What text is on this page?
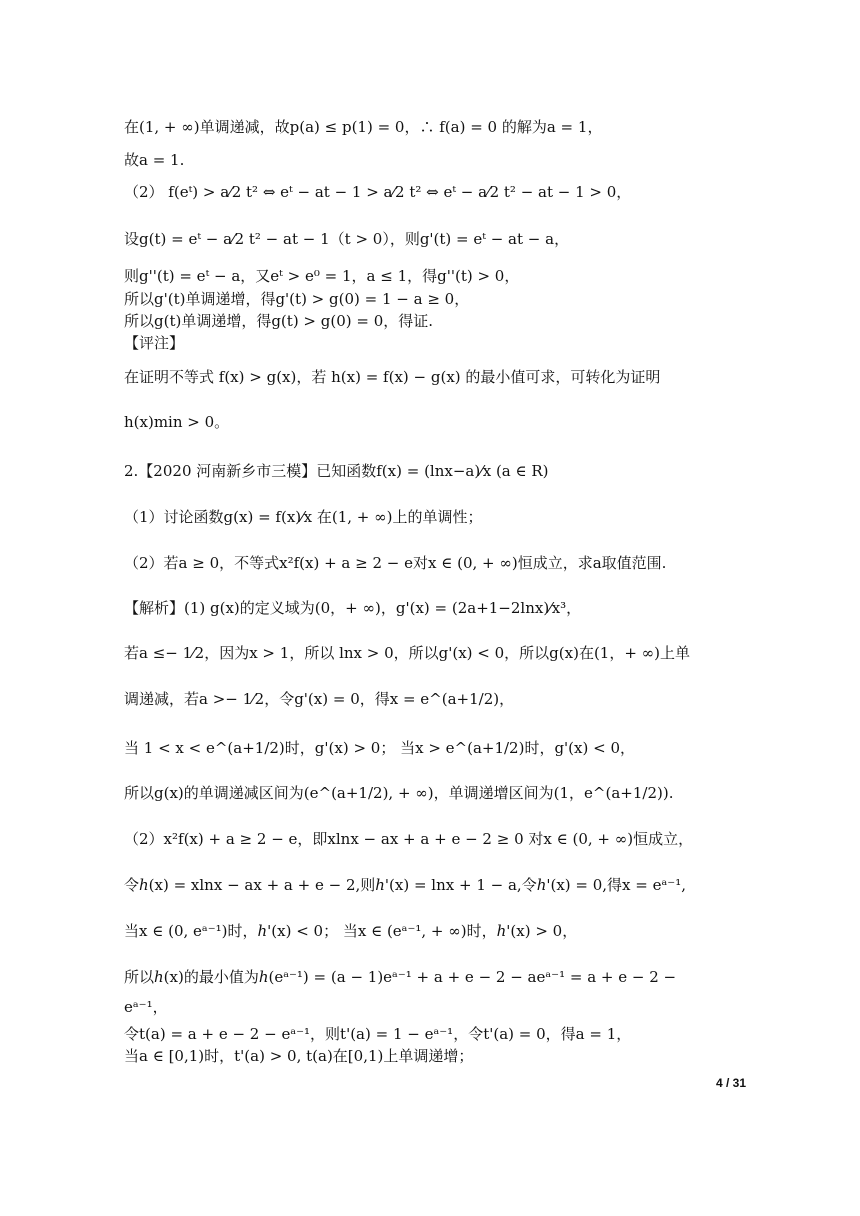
在(1, + ∞)单调递减，故p(a) ≤ p(1) = 0，∴ f(a) = 0 的解为a = 1，
故a = 1.
（2） f(eᵗ) > a⁄2 t² ⇔ eᵗ − at − 1 > a⁄2 t² ⇔ eᵗ − a⁄2 t² − at − 1 > 0，
设g(t) = eᵗ − a⁄2 t² − at − 1（t > 0），则g'(t) = eᵗ − at − a，
则g''(t) = eᵗ − a，又eᵗ > e⁰ = 1，a ≤ 1，得g''(t) > 0，
所以g'(t)单调递增，得g'(t) > g(0) = 1 − a ≥ 0，
所以g(t)单调递增，得g(t) > g(0) = 0，得证.
【评注】
在证明不等式 f(x) > g(x)，若 h(x) = f(x) − g(x) 的最小值可求，可转化为证明
h(x)min > 0。
2.【2020 河南新乡市三模】已知函数f(x) = (lnx−a)⁄x (a ∈ R)
（1）讨论函数g(x) = f(x)⁄x 在(1, + ∞)上的单调性；
（2）若a ≥ 0，不等式x²f(x) + a ≥ 2 − e对x ∈ (0, + ∞)恒成立，求a取值范围.
【解析】(1) g(x)的定义域为(0，+ ∞)，g'(x) = (2a+1−2lnx)⁄x³，
若a ≤− 1⁄2，因为x > 1，所以 lnx > 0，所以g'(x) < 0，所以g(x)在(1，+ ∞)上单
调递减，若a >− 1⁄2，令g'(x) = 0，得x = e^(a+1/2)，
当 1 < x < e^(a+1/2)时，g'(x) > 0； 当x > e^(a+1/2)时，g'(x) < 0，
所以g(x)的单调递减区间为(e^(a+1/2), + ∞)，单调递增区间为(1，e^(a+1/2)).
（2）x²f(x) + a ≥ 2 − e，即xlnx − ax + a + e − 2 ≥ 0 对x ∈ (0, + ∞)恒成立，
令ℎ(x) = xlnx − ax + a + e − 2,则ℎ'(x) = lnx + 1 − a,令ℎ'(x) = 0,得x = eᵃ⁻¹,
当x ∈ (0, eᵃ⁻¹)时，ℎ'(x) < 0； 当x ∈ (eᵃ⁻¹, + ∞)时，ℎ'(x) > 0，
所以ℎ(x)的最小值为ℎ(eᵃ⁻¹) = (a − 1)eᵃ⁻¹ + a + e − 2 − aeᵃ⁻¹ = a + e − 2 −
eᵃ⁻¹，
令t(a) = a + e − 2 − eᵃ⁻¹，则t'(a) = 1 − eᵃ⁻¹，令t'(a) = 0，得a = 1，
当a ∈ [0,1)时，t'(a) > 0, t(a)在[0,1)上单调递增；
4 / 31
